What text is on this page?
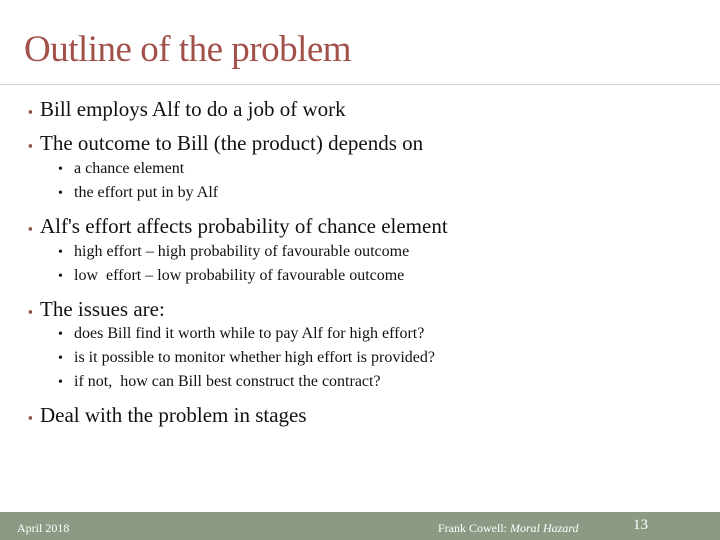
Outline of the problem
▪ Bill employs Alf to do a job of work
▪ The outcome to Bill (the product) depends on
• a chance element
• the effort put in by Alf
▪ Alf's effort affects probability of chance element
• high effort – high probability of favourable outcome
• low  effort – low probability of favourable outcome
▪ The issues are:
• does Bill find it worth while to pay Alf for high effort?
• is it possible to monitor whether high effort is provided?
• if not,  how can Bill best construct the contract?
▪ Deal with the problem in stages
April 2018	Frank Cowell: Moral Hazard	13
